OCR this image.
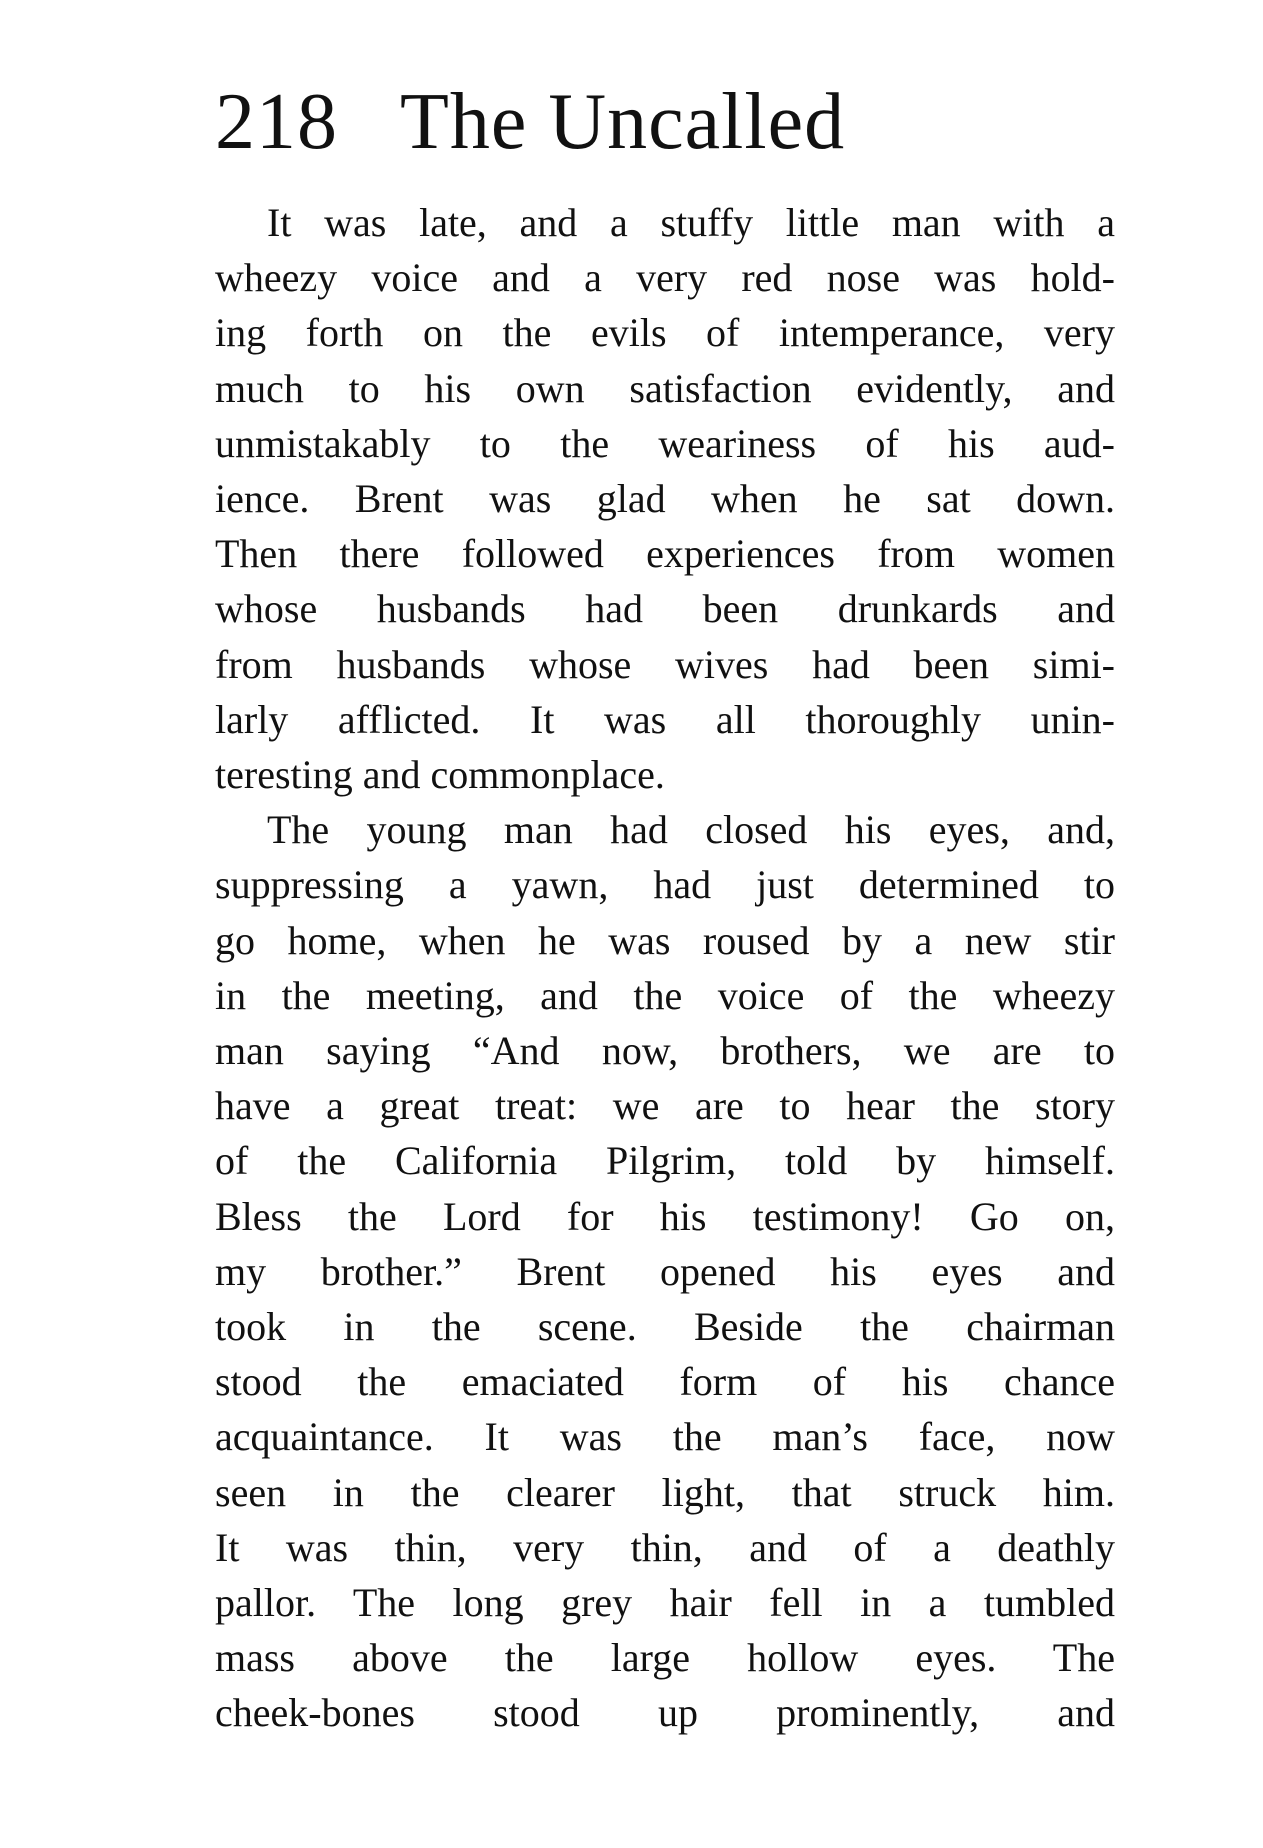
218 The Uncalled
It was late, and a stuffy little man with a
wheezy voice and a very red nose was hold-
ing forth on the evils of intemperance, very
much to his own satisfaction evidently, and
unmistakably to the weariness of his aud-
ience. Brent was glad when he sat down.
Then there followed experiences from women
whose husbands had been drunkards and
from husbands whose wives had been simi-
larly afflicted. It was all thoroughly unin-
teresting and commonplace.
The young man had closed his eyes, and,
suppressing a yawn, had just determined to
go home, when he was roused by a new stir
in the meeting, and the voice of the wheezy
man saying “And now, brothers, we are to
have a great treat: we are to hear the story
of the California Pilgrim, told by himself.
Bless the Lord for his testimony! Go on,
my brother.” Brent opened his eyes and
took in the scene. Beside the chairman
stood the emaciated form of his chance
acquaintance. It was the man’s face, now
seen in the clearer light, that struck him.
It was thin, very thin, and of a deathly
pallor. The long grey hair fell in a tumbled
mass above the large hollow eyes. The
cheek-bones stood up prominently, and
